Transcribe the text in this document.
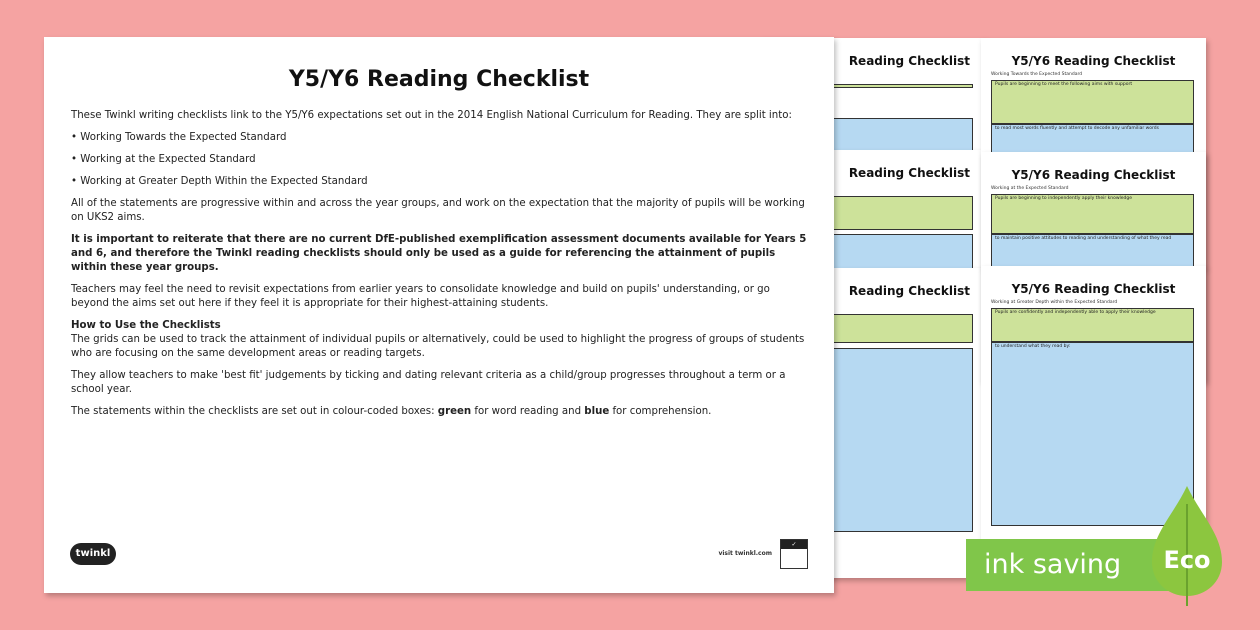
Reading Checklist
Reading Checklist
Reading Checklist
Y5/Y6 Reading Checklist
Working Towards the Expected Standard
Pupils are beginning to meet the following aims with support
to read most words fluently and attempt to decode any unfamiliar words
Y5/Y6 Reading Checklist
Working at the Expected Standard
Pupils are beginning to independently apply their knowledge
to maintain positive attitudes to reading and understanding of what they read
Y5/Y6 Reading Checklist
Working at Greater Depth within the Expected Standard
Pupils are confidently and independently able to apply their knowledge
to understand what they read by:
Y5/Y6 Reading Checklist

These Twinkl writing checklists link to the Y5/Y6 expectations set out in the 2014 English National Curriculum for Reading. They are split into:

• Working Towards the Expected Standard

• Working at the Expected Standard

• Working at Greater Depth Within the Expected Standard

All of the statements are progressive within and across the year groups, and work on the expectation that the majority of pupils will be working on UKS2 aims.

It is important to reiterate that there are no current DfE-published exemplification assessment documents available for Years 5 and 6, and therefore the Twinkl reading checklists should only be used as a guide for referencing the attainment of pupils within these year groups.

Teachers may feel the need to revisit expectations from earlier years to consolidate knowledge and build on pupils' understanding, or go beyond the aims set out here if they feel it is appropriate for their highest-attaining students.

How to Use the Checklists

The grids can be used to track the attainment of individual pupils or alternatively, could be used to highlight the progress of groups of students who are focusing on the same development areas or reading targets.

They allow teachers to make 'best fit' judgements by ticking and dating relevant criteria as a child/group progresses throughout a term or a school year.

The statements within the checklists are set out in colour-coded boxes: green for word reading and blue for comprehension.

twinkl	visit twinkl.com
✓
ink saving	Eco
